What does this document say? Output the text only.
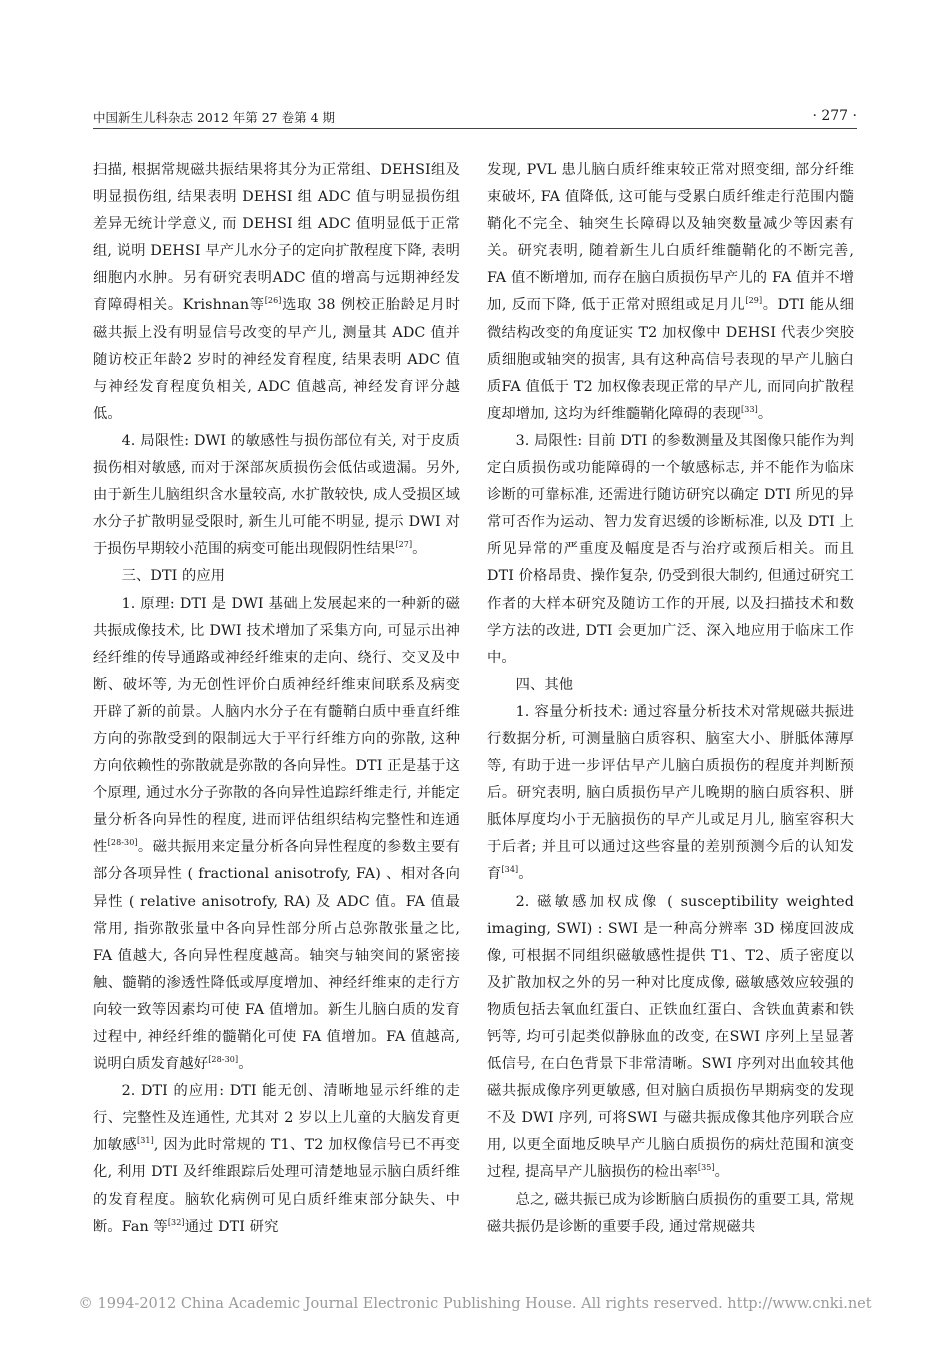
中国新生儿科杂志 2012 年第 27 卷第 4 期	· 277 ·

扫描, 根据常规磁共振结果将其分为正常组、DEHSI组及明显损伤组, 结果表明 DEHSI 组 ADC 值与明显损伤组差异无统计学意义, 而 DEHSI 组 ADC 值明显低于正常组, 说明 DEHSI 早产儿水分子的定向扩散程度下降, 表明细胞内水肿。另有研究表明ADC 值的增高与远期神经发育障碍相关。Krishnan等[26]选取 38 例校正胎龄足月时磁共振上没有明显信号改变的早产儿, 测量其 ADC 值并随访校正年龄2 岁时的神经发育程度, 结果表明 ADC 值与神经发育程度负相关, ADC 值越高, 神经发育评分越低。

4. 局限性: DWI 的敏感性与损伤部位有关, 对于皮质损伤相对敏感, 而对于深部灰质损伤会低估或遗漏。另外, 由于新生儿脑组织含水量较高, 水扩散较快, 成人受损区域水分子扩散明显受限时, 新生儿可能不明显, 提示 DWI 对于损伤早期较小范围的病变可能出现假阴性结果[27]。

三、DTI 的应用

1. 原理: DTI 是 DWI 基础上发展起来的一种新的磁共振成像技术, 比 DWI 技术增加了采集方向, 可显示出神经纤维的传导通路或神经纤维束的走向、绕行、交叉及中断、破坏等, 为无创性评价白质神经纤维束间联系及病变开辟了新的前景。人脑内水分子在有髓鞘白质中垂直纤维方向的弥散受到的限制远大于平行纤维方向的弥散, 这种方向依赖性的弥散就是弥散的各向异性。DTI 正是基于这个原理, 通过水分子弥散的各向异性追踪纤维走行, 并能定量分析各向异性的程度, 进而评估组织结构完整性和连通性[28-30]。磁共振用来定量分析各向异性程度的参数主要有部分各项异性 ( fractional anisotrofy, FA) 、相对各向异性 ( relative anisotrofy, RA) 及 ADC 值。FA 值最常用, 指弥散张量中各向异性部分所占总弥散张量之比, FA 值越大, 各向异性程度越高。轴突与轴突间的紧密接触、髓鞘的渗透性降低或厚度增加、神经纤维束的走行方向较一致等因素均可使 FA 值增加。新生儿脑白质的发育过程中, 神经纤维的髓鞘化可使 FA 值增加。FA 值越高, 说明白质发育越好[28-30]。

2. DTI 的应用: DTI 能无创、清晰地显示纤维的走行、完整性及连通性, 尤其对 2 岁以上儿童的大脑发育更加敏感[31], 因为此时常规的 T1、T2 加权像信号已不再变化, 利用 DTI 及纤维跟踪后处理可清楚地显示脑白质纤维的发育程度。脑软化病例可见白质纤维束部分缺失、中断。Fan 等[32]通过 DTI 研究

发现, PVL 患儿脑白质纤维束较正常对照变细, 部分纤维束破坏, FA 值降低, 这可能与受累白质纤维走行范围内髓鞘化不完全、轴突生长障碍以及轴突数量减少等因素有关。研究表明, 随着新生儿白质纤维髓鞘化的不断完善, FA 值不断增加, 而存在脑白质损伤早产儿的 FA 值并不增加, 反而下降, 低于正常对照组或足月儿[29]。DTI 能从细微结构改变的角度证实 T2 加权像中 DEHSI 代表少突胶质细胞或轴突的损害, 具有这种高信号表现的早产儿脑白质FA 值低于 T2 加权像表现正常的早产儿, 而同向扩散程度却增加, 这均为纤维髓鞘化障碍的表现[33]。

3. 局限性: 目前 DTI 的参数测量及其图像只能作为判定白质损伤或功能障碍的一个敏感标志, 并不能作为临床诊断的可靠标准, 还需进行随访研究以确定 DTI 所见的异常可否作为运动、智力发育迟缓的诊断标准, 以及 DTI 上所见异常的严重度及幅度是否与治疗或预后相关。而且 DTI 价格昂贵、操作复杂, 仍受到很大制约, 但通过研究工作者的大样本研究及随访工作的开展, 以及扫描技术和数学方法的改进, DTI 会更加广泛、深入地应用于临床工作中。

四、其他

1. 容量分析技术: 通过容量分析技术对常规磁共振进行数据分析, 可测量脑白质容积、脑室大小、胼胝体薄厚等, 有助于进一步评估早产儿脑白质损伤的程度并判断预后。研究表明, 脑白质损伤早产儿晚期的脑白质容积、胼胝体厚度均小于无脑损伤的早产儿或足月儿, 脑室容积大于后者; 并且可以通过这些容量的差别预测今后的认知发育[34]。

2. 磁敏感加权成像 ( susceptibility weighted imaging, SWI) : SWI 是一种高分辨率 3D 梯度回波成像, 可根据不同组织磁敏感性提供 T1、T2、质子密度以及扩散加权之外的另一种对比度成像, 磁敏感效应较强的物质包括去氧血红蛋白、正铁血红蛋白、含铁血黄素和铁钙等, 均可引起类似静脉血的改变, 在SWI 序列上呈显著低信号, 在白色背景下非常清晰。SWI 序列对出血较其他磁共振成像序列更敏感, 但对脑白质损伤早期病变的发现不及 DWI 序列, 可将SWI 与磁共振成像其他序列联合应用, 以更全面地反映早产儿脑白质损伤的病灶范围和演变过程, 提高早产儿脑损伤的检出率[35]。

总之, 磁共振已成为诊断脑白质损伤的重要工具, 常规磁共振仍是诊断的重要手段, 通过常规磁共

© 1994-2012 China Academic Journal Electronic Publishing House. All rights reserved. http://www.cnki.net
